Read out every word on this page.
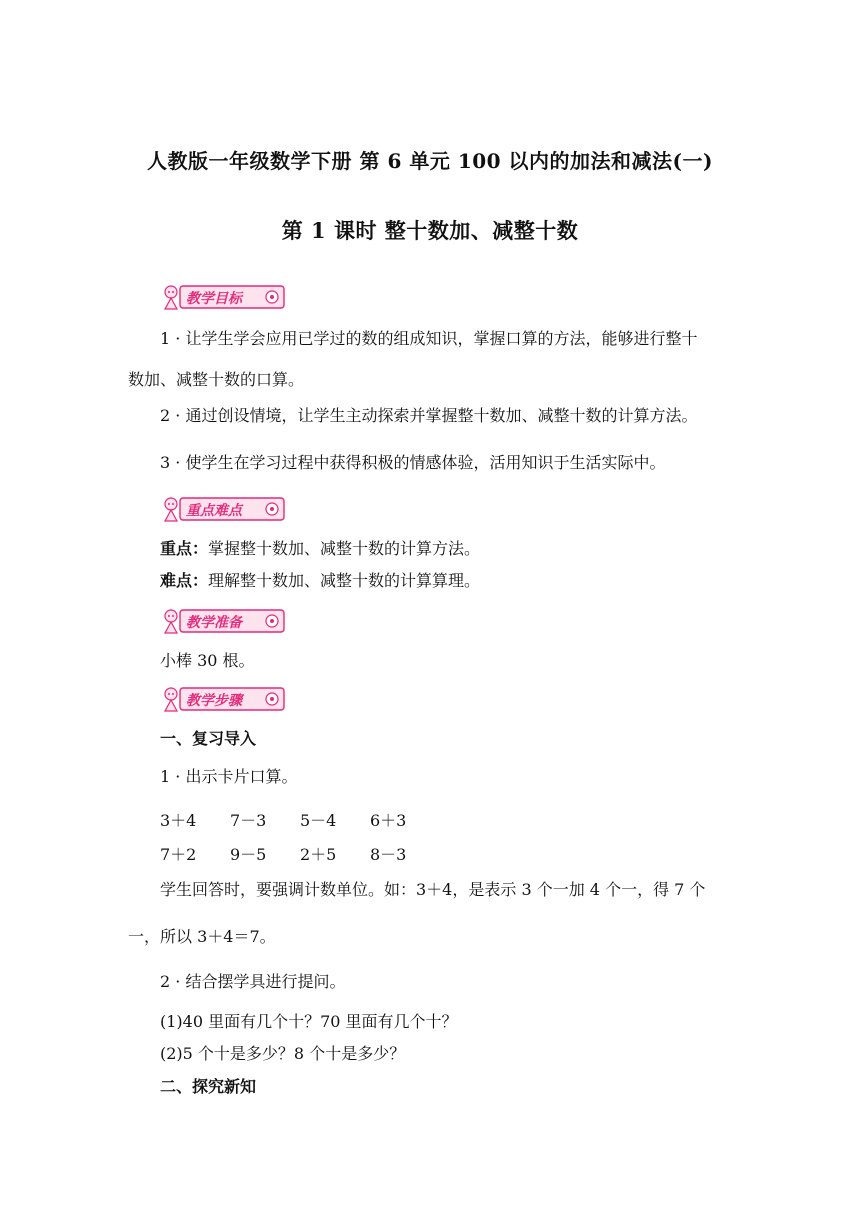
人教版一年级数学下册 第 6 单元 100 以内的加法和减法(一)
第 1 课时 整十数加、减整十数
教学目标
1 · 让学生学会应用已学过的数的组成知识，掌握口算的方法，能够进行整十
数加、减整十数的口算。
2 · 通过创设情境，让学生主动探索并掌握整十数加、减整十数的计算方法。
3 · 使学生在学习过程中获得积极的情感体验，活用知识于生活实际中。
重点难点
重点：掌握整十数加、减整十数的计算方法。
难点：理解整十数加、减整十数的计算算理。
教学准备
小棒 30 根。
教学步骤
一、复习导入
1 · 出示卡片口算。
3＋4 7－3 5－4 6＋3
7＋2 9－5 2＋5 8－3
学生回答时，要强调计数单位。如：3＋4，是表示 3 个一加 4 个一，得 7 个
一，所以 3＋4＝7。
2 · 结合摆学具进行提问。
(1)40 里面有几个十？70 里面有几个十？
(2)5 个十是多少？8 个十是多少？
二、探究新知
